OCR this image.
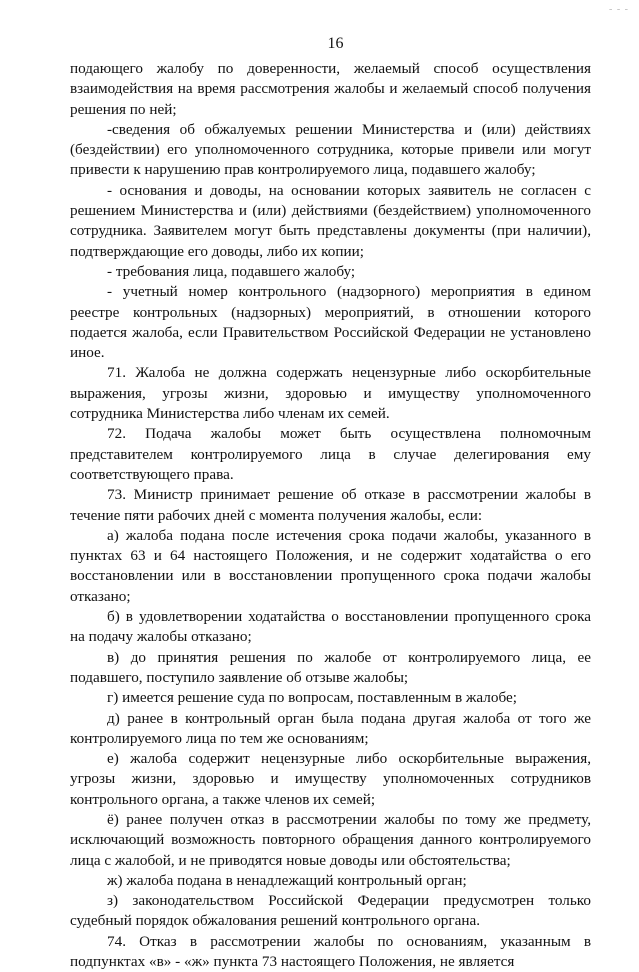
- - -
16

подающего жалобу по доверенности, желаемый способ осуществления взаимодействия на время рассмотрения жалобы и желаемый способ получения решения по ней;

-сведения об обжалуемых решении Министерства и (или) действиях (бездействии) его уполномоченного сотрудника, которые привели или могут привести к нарушению прав контролируемого лица, подавшего жалобу;

- основания и доводы, на основании которых заявитель не согласен с решением Министерства и (или) действиями (бездействием) уполномоченного сотрудника. Заявителем могут быть представлены документы (при наличии), подтверждающие его доводы, либо их копии;

- требования лица, подавшего жалобу;

- учетный номер контрольного (надзорного) мероприятия в едином реестре контрольных (надзорных) мероприятий, в отношении которого подается жалоба, если Правительством Российской Федерации не установлено иное.

71. Жалоба не должна содержать нецензурные либо оскорбительные выражения, угрозы жизни, здоровью и имуществу уполномоченного сотрудника Министерства либо членам их семей.

72. Подача жалобы может быть осуществлена полномочным представителем контролируемого лица в случае делегирования ему соответствующего права.

73. Министр принимает решение об отказе в рассмотрении жалобы в течение пяти рабочих дней с момента получения жалобы, если:

а) жалоба подана после истечения срока подачи жалобы, указанного в пунктах 63 и 64 настоящего Положения, и не содержит ходатайства о его восстановлении или в восстановлении пропущенного срока подачи жалобы отказано;

б) в удовлетворении ходатайства о восстановлении пропущенного срока на подачу жалобы отказано;

в) до принятия решения по жалобе от контролируемого лица, ее подавшего, поступило заявление об отзыве жалобы;

г) имеется решение суда по вопросам, поставленным в жалобе;

д) ранее в контрольный орган была подана другая жалоба от того же контролируемого лица по тем же основаниям;

е) жалоба содержит нецензурные либо оскорбительные выражения, угрозы жизни, здоровью и имуществу уполномоченных сотрудников контрольного органа, а также членов их семей;

ё) ранее получен отказ в рассмотрении жалобы по тому же предмету, исключающий возможность повторного обращения данного контролируемого лица с жалобой, и не приводятся новые доводы или обстоятельства;

ж) жалоба подана в ненадлежащий контрольный орган;

з) законодательством Российской Федерации предусмотрен только судебный порядок обжалования решений контрольного органа.

74. Отказ в рассмотрении жалобы по основаниям, указанным в подпунктах «в» - «ж» пункта 73 настоящего Положения, не является
